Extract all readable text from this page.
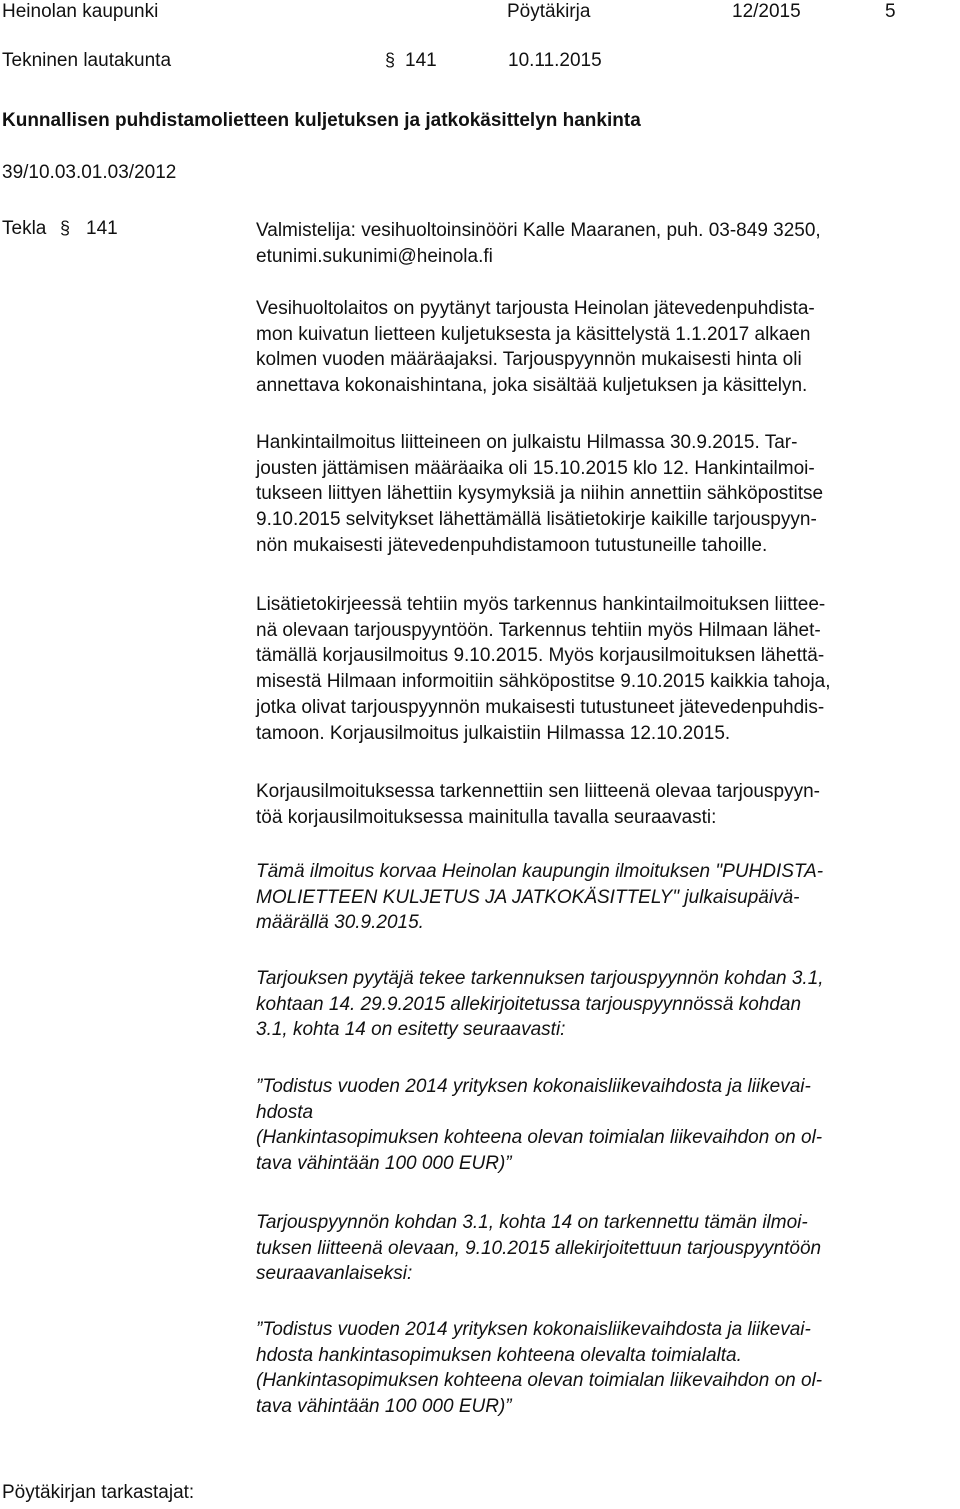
Heinolan kaupunki	Pöytäkirja	12/2015	5
Tekninen lautakunta	§ 141	10.11.2015
Kunnallisen puhdistamolietteen kuljetuksen ja jatkokäsittelyn hankinta
39/10.03.01.03/2012
Tekla § 141	Valmistelija: vesihuoltoinsinööri Kalle Maaranen, puh. 03-849 3250,
etunimi.sukunimi@heinola.fi

Vesihuoltolaitos on pyytänyt tarjousta Heinolan jätevedenpuhdista-
mon kuivatun lietteen kuljetuksesta ja käsittelystä 1.1.2017 alkaen
kolmen vuoden määräajaksi. Tarjouspyynnön mukaisesti hinta oli
annettava kokonaishintana, joka sisältää kuljetuksen ja käsittelyn.

Hankintailmoitus liitteineen on julkaistu Hilmassa 30.9.2015. Tar-
jousten jättämisen määräaika oli 15.10.2015 klo 12. Hankintailmoi-
tukseen liittyen lähettiin kysymyksiä ja niihin annettiin sähköpostitse
9.10.2015 selvitykset lähettämällä lisätietokirje kaikille tarjouspyyn-
nön mukaisesti jätevedenpuhdistamoon tutustuneille tahoille.

Lisätietokirjeessä tehtiin myös tarkennus hankintailmoituksen liittee-
nä olevaan tarjouspyyntöön. Tarkennus tehtiin myös Hilmaan lähet-
tämällä korjausilmoitus 9.10.2015. Myös korjausilmoituksen lähettä-
misestä Hilmaan informoitiin sähköpostitse 9.10.2015 kaikkia tahoja,
jotka olivat tarjouspyynnön mukaisesti tutustuneet jätevedenpuhdis-
tamoon. Korjausilmoitus julkaistiin Hilmassa 12.10.2015.

Korjausilmoituksessa tarkennettiin sen liitteenä olevaa tarjouspyyn-
töä korjausilmoituksessa mainitulla tavalla seuraavasti:

Tämä ilmoitus korvaa Heinolan kaupungin ilmoituksen "PUHDISTA-
MOLIETTEEN KULJETUS JA JATKOKÄSITTELY" julkaisupäivä-
määrällä 30.9.2015.

Tarjouksen pyytäjä tekee tarkennuksen tarjouspyynnön kohdan 3.1,
kohtaan 14. 29.9.2015 allekirjoitetussa tarjouspyynnössä kohdan
3.1, kohta 14 on esitetty seuraavasti:

”Todistus vuoden 2014 yrityksen kokonaisliikevaihdosta ja liikevai-
hdosta
(Hankintasopimuksen kohteena olevan toimialan liikevaihdon on ol-
tava vähintään 100 000 EUR)”

Tarjouspyynnön kohdan 3.1, kohta 14 on tarkennettu tämän ilmoi-
tuksen liitteenä olevaan, 9.10.2015 allekirjoitettuun tarjouspyyntöön
seuraavanlaiseksi:

”Todistus vuoden 2014 yrityksen kokonaisliikevaihdosta ja liikevai-
hdosta hankintasopimuksen kohteena olevalta toimialalta.
(Hankintasopimuksen kohteena olevan toimialan liikevaihdon on ol-
tava vähintään 100 000 EUR)”

Pöytäkirjan tarkastajat:
